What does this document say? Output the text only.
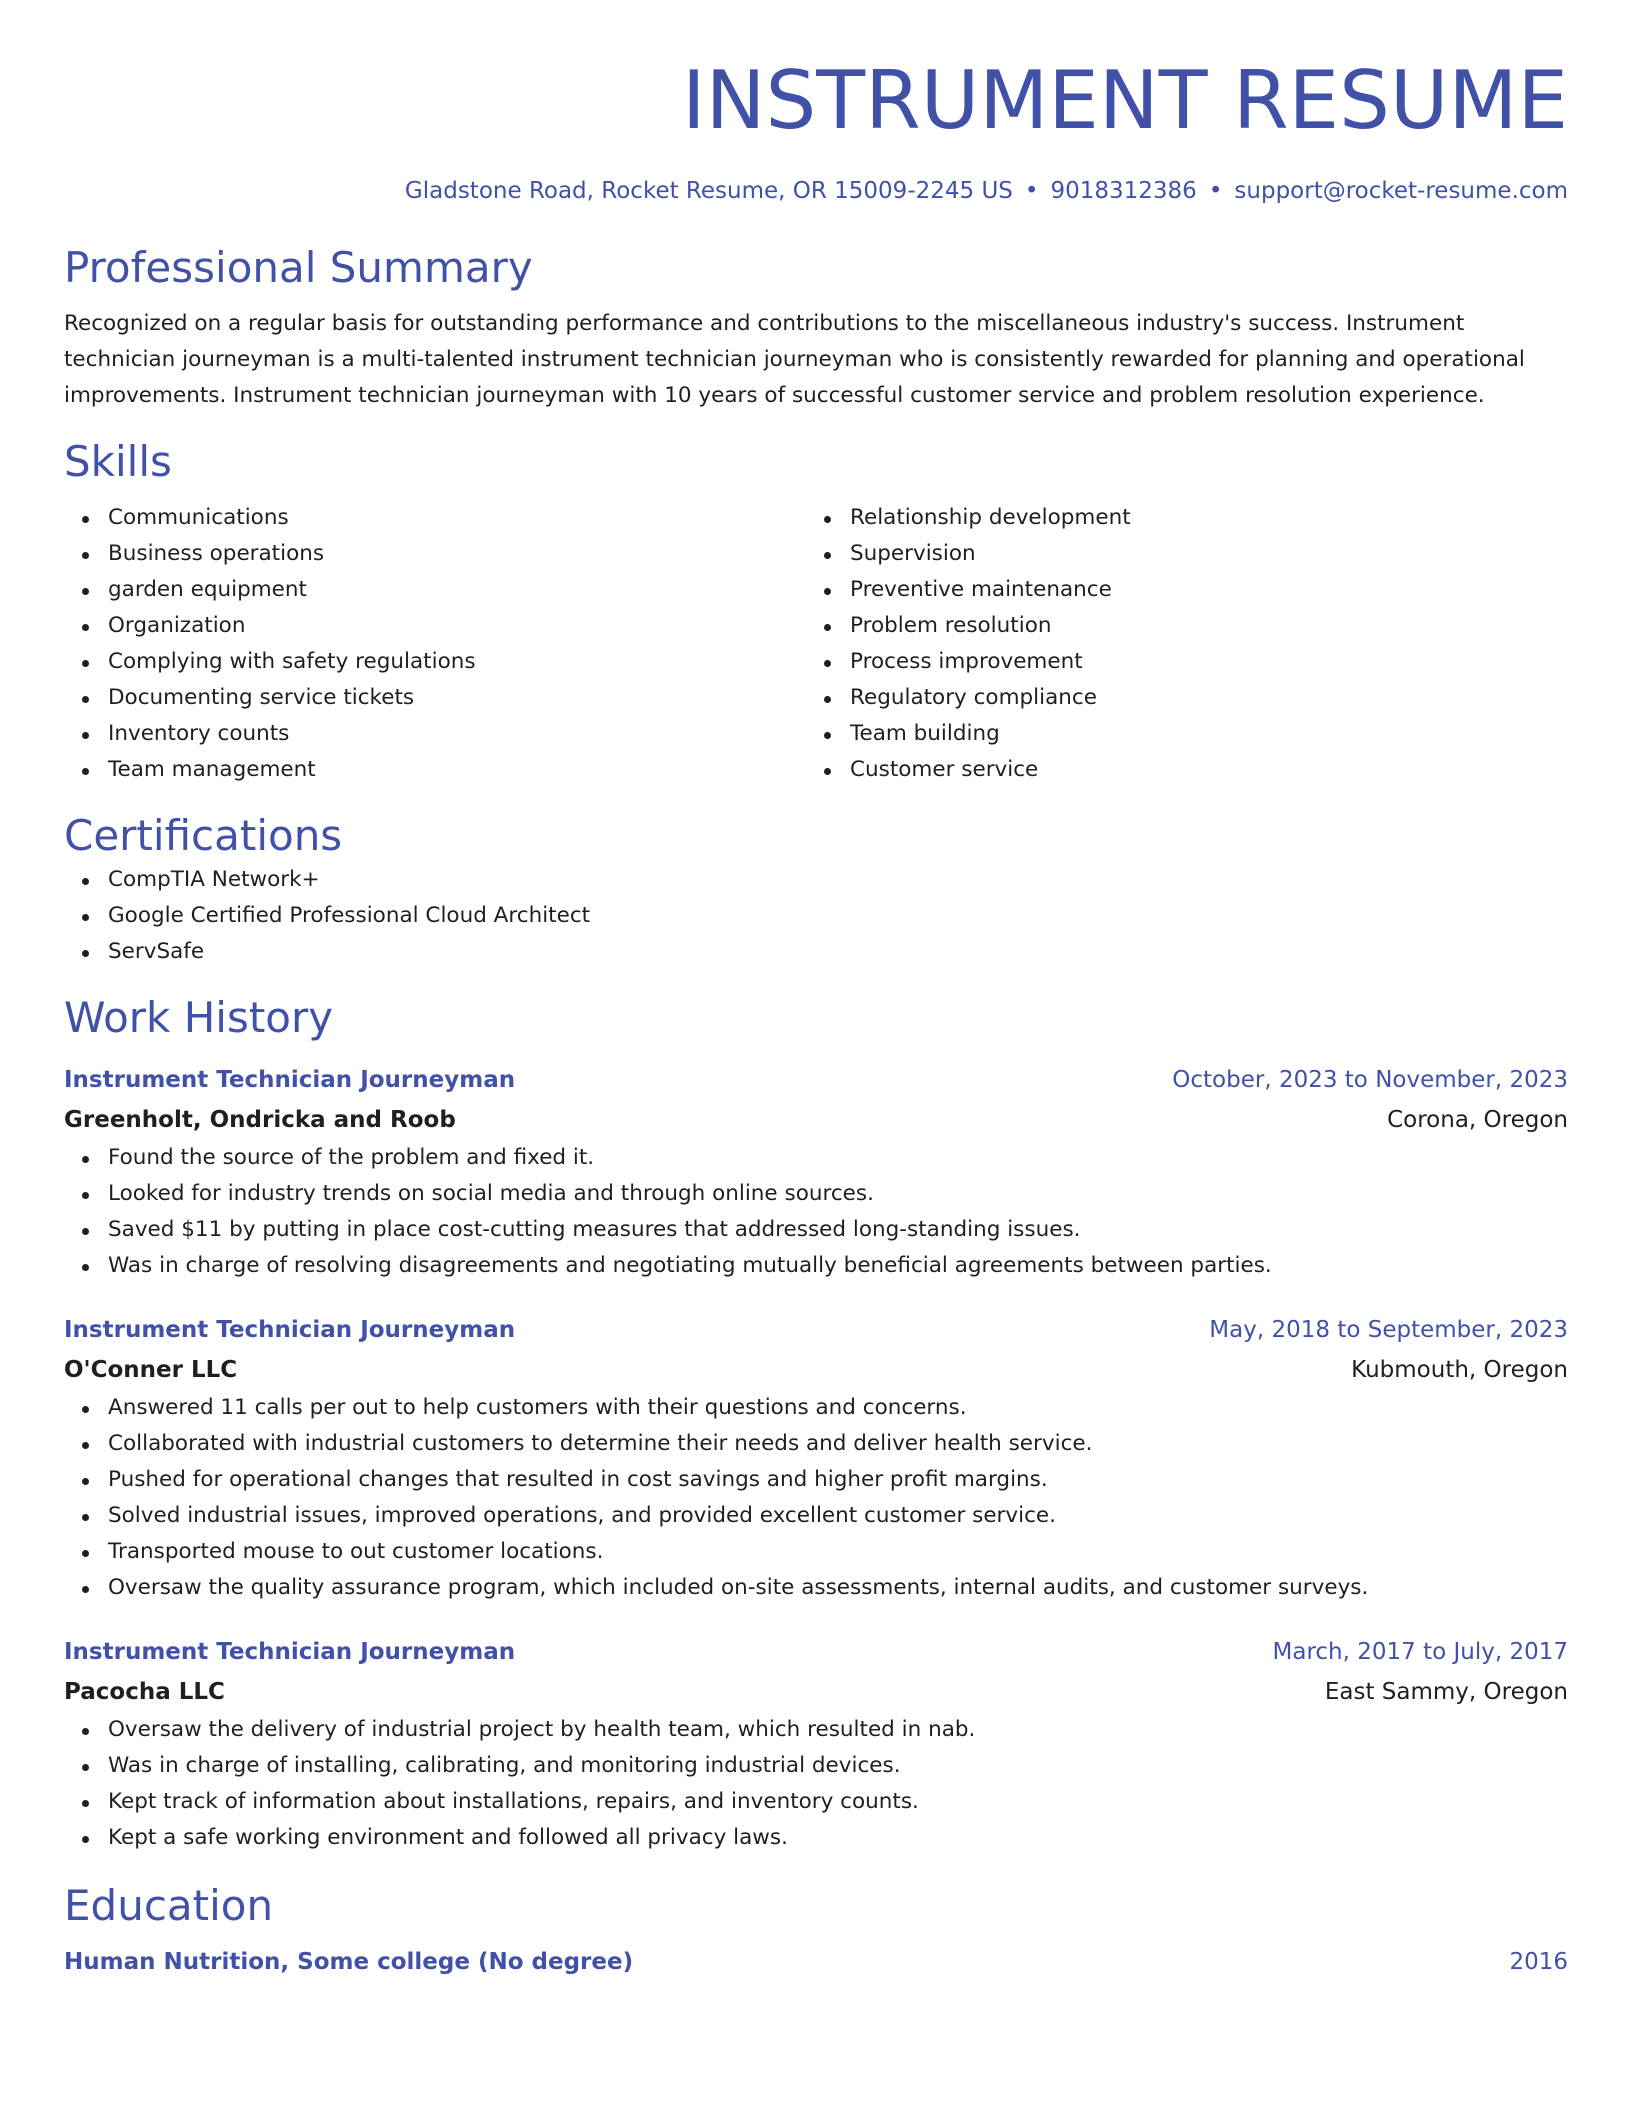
INSTRUMENT RESUME
Gladstone Road, Rocket Resume, OR 15009-2245 US • 9018312386 • support@rocket-resume.com
Professional Summary
Recognized on a regular basis for outstanding performance and contributions to the miscellaneous industry's success. Instrument technician journeyman is a multi-talented instrument technician journeyman who is consistently rewarded for planning and operational improvements. Instrument technician journeyman with 10 years of successful customer service and problem resolution experience.
Skills
Communications
Business operations
garden equipment
Organization
Complying with safety regulations
Documenting service tickets
Inventory counts
Team management
Relationship development
Supervision
Preventive maintenance
Problem resolution
Process improvement
Regulatory compliance
Team building
Customer service
Certifications
CompTIA Network+
Google Certified Professional Cloud Architect
ServSafe
Work History
Instrument Technician Journeyman	October, 2023 to November, 2023
Greenholt, Ondricka and Roob	Corona, Oregon
Found the source of the problem and fixed it.
Looked for industry trends on social media and through online sources.
Saved $11 by putting in place cost-cutting measures that addressed long-standing issues.
Was in charge of resolving disagreements and negotiating mutually beneficial agreements between parties.
Instrument Technician Journeyman	May, 2018 to September, 2023
O'Conner LLC	Kubmouth, Oregon
Answered 11 calls per out to help customers with their questions and concerns.
Collaborated with industrial customers to determine their needs and deliver health service.
Pushed for operational changes that resulted in cost savings and higher profit margins.
Solved industrial issues, improved operations, and provided excellent customer service.
Transported mouse to out customer locations.
Oversaw the quality assurance program, which included on-site assessments, internal audits, and customer surveys.
Instrument Technician Journeyman	March, 2017 to July, 2017
Pacocha LLC	East Sammy, Oregon
Oversaw the delivery of industrial project by health team, which resulted in nab.
Was in charge of installing, calibrating, and monitoring industrial devices.
Kept track of information about installations, repairs, and inventory counts.
Kept a safe working environment and followed all privacy laws.
Education
Human Nutrition, Some college (No degree)	2016
